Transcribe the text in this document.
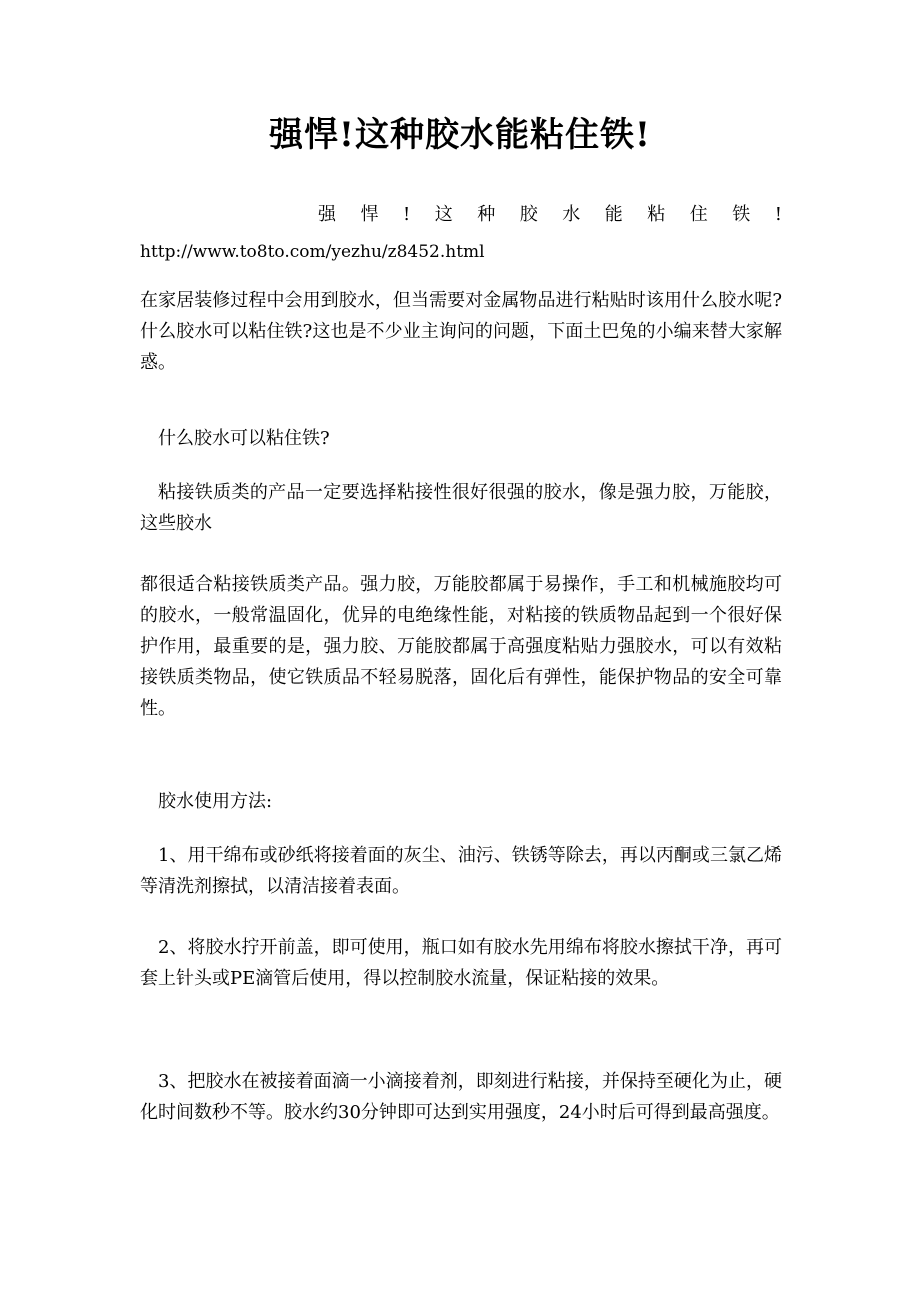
强悍!这种胶水能粘住铁!

强悍!这种胶水能粘住铁!

http://www.to8to.com/yezhu/z8452.html

在家居装修过程中会用到胶水，但当需要对金属物品进行粘贴时该用什么胶水呢?什么胶水可以粘住铁?这也是不少业主询问的问题，下面土巴兔的小编来替大家解惑。

什么胶水可以粘住铁?

粘接铁质类的产品一定要选择粘接性很好很强的胶水，像是强力胶，万能胶，这些胶水

都很适合粘接铁质类产品。强力胶，万能胶都属于易操作，手工和机械施胶均可的胶水，一般常温固化，优异的电绝缘性能，对粘接的铁质物品起到一个很好保护作用，最重要的是，强力胶、万能胶都属于高强度粘贴力强胶水，可以有效粘接铁质类物品，使它铁质品不轻易脱落，固化后有弹性，能保护物品的安全可靠性。

胶水使用方法:

1、用干绵布或砂纸将接着面的灰尘、油污、铁锈等除去，再以丙酮或三氯乙烯等清洗剂擦拭，以清洁接着表面。

2、将胶水拧开前盖，即可使用，瓶口如有胶水先用绵布将胶水擦拭干净，再可套上针头或PE滴管后使用，得以控制胶水流量，保证粘接的效果。

3、把胶水在被接着面滴一小滴接着剂，即刻进行粘接，并保持至硬化为止，硬化时间数秒不等。胶水约30分钟即可达到实用强度，24小时后可得到最高强度。
